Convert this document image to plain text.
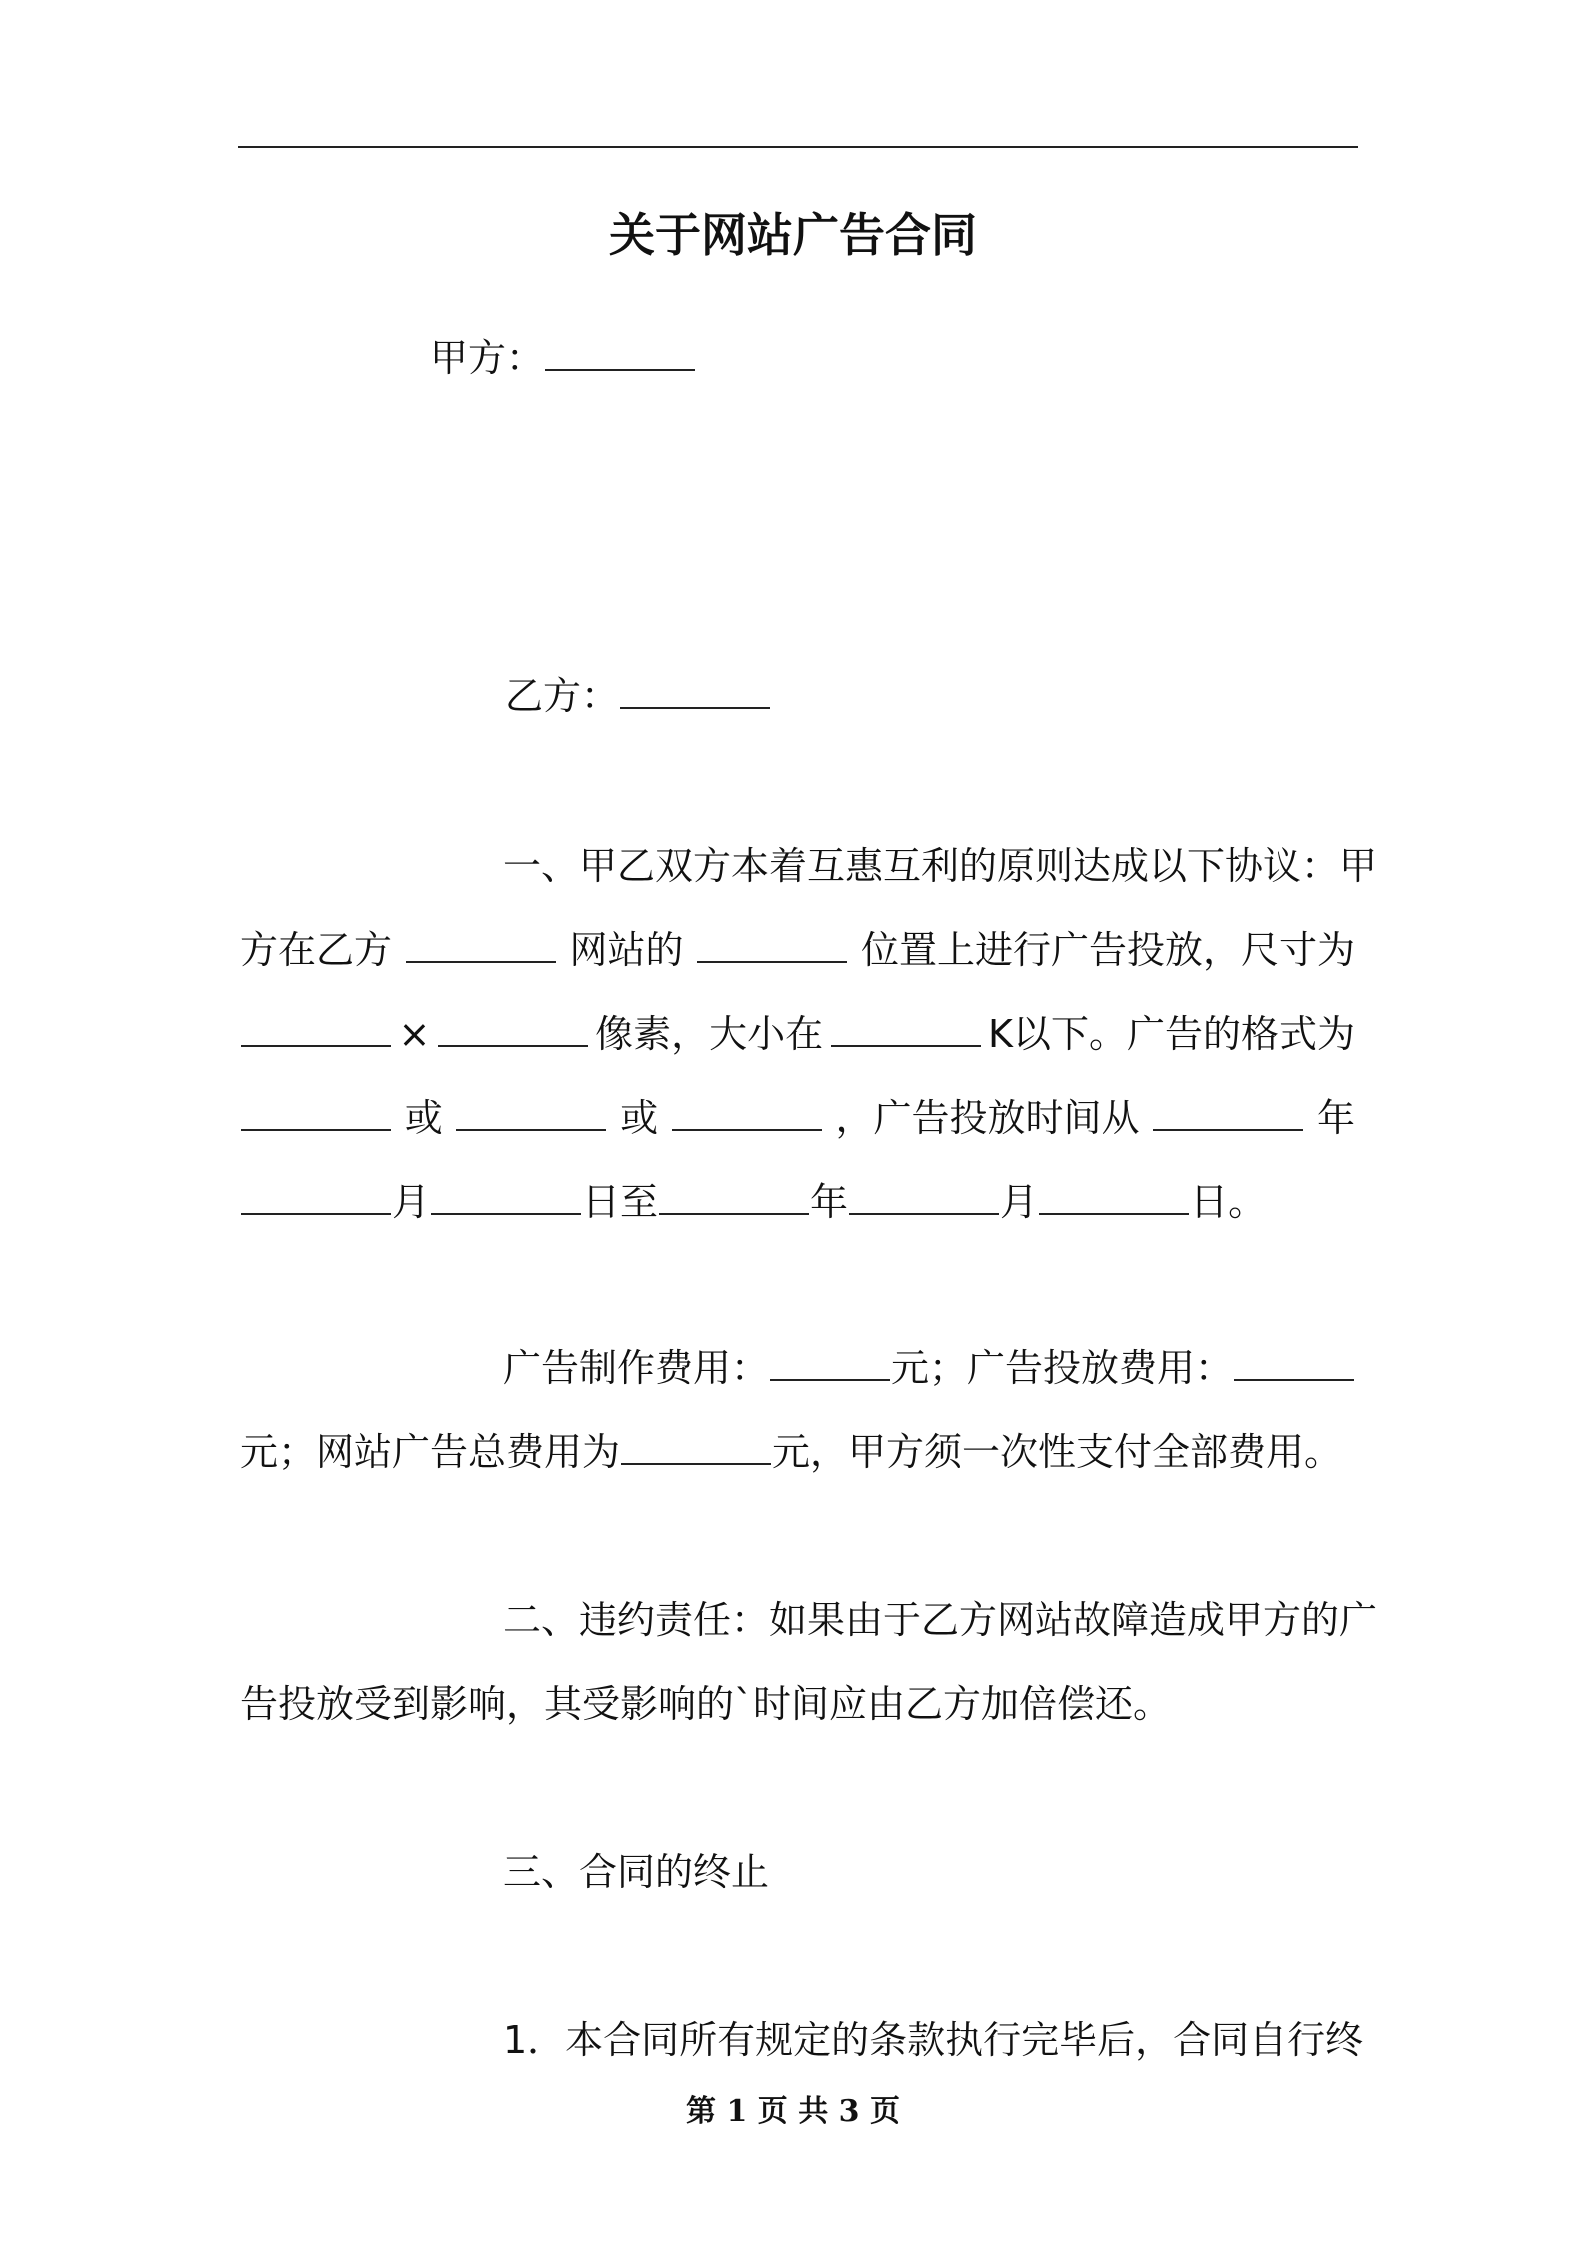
关于网站广告合同
甲方：
乙方：
一、甲乙双方本着互惠互利的原则达成以下协议：甲
方在乙方	网站的	位置上进行广告投放，尺寸为
×	像素，大小在	K以下。广告的格式为
或	或	，广告投放时间从	年
月	日至	年	月	日。
广告制作费用：	元；广告投放费用：
元；网站广告总费用为	元，甲方须一次性支付全部费用。
二、违约责任：如果由于乙方网站故障造成甲方的广
告投放受到影响，其受影响的`时间应由乙方加倍偿还。
三、合同的终止
1．本合同所有规定的条款执行完毕后，合同自行终
第 1 页 共 3 页
